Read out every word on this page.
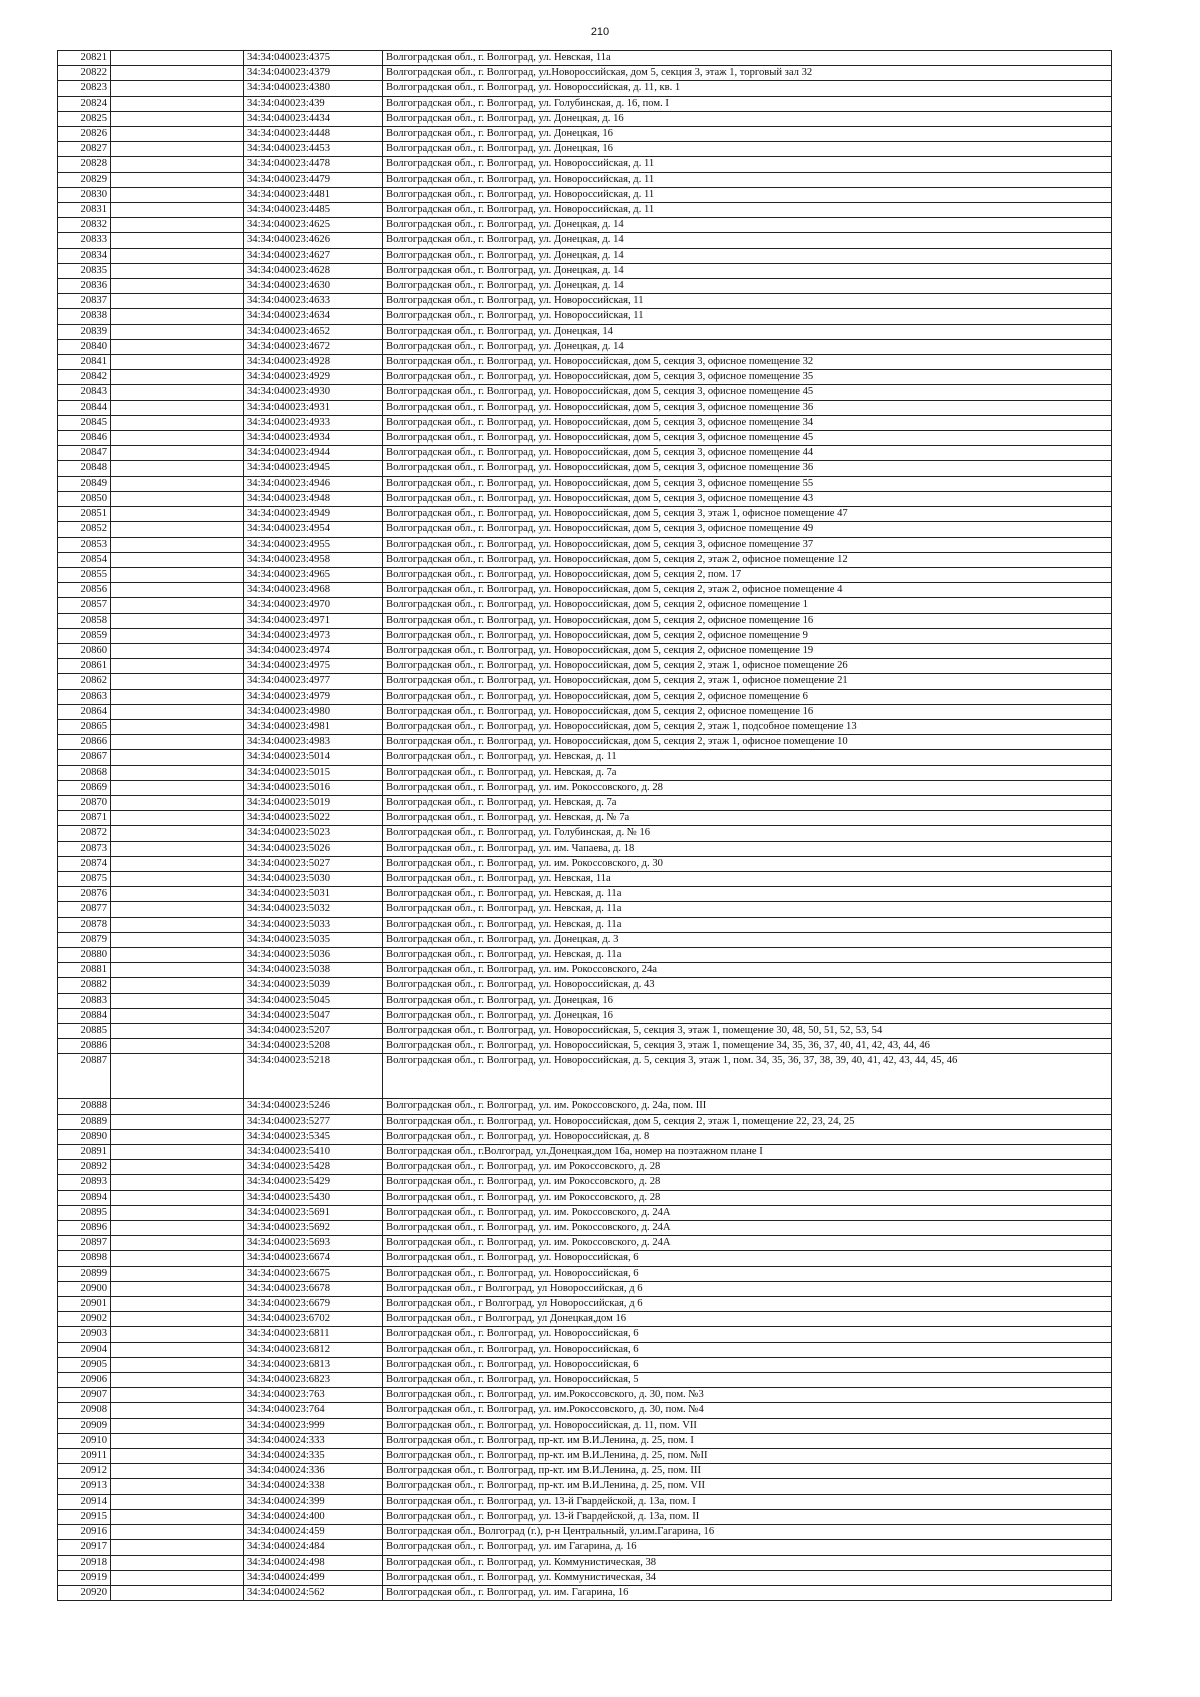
210
20821		34:34:040023:4375	Волгоградская обл., г. Волгоград, ул. Невская, 11а
20822		34:34:040023:4379	Волгоградская обл., г. Волгоград, ул.Новороссийская, дом 5, секция 3, этаж 1, торговый зал 32
20823		34:34:040023:4380	Волгоградская обл., г. Волгоград, ул. Новороссийская, д. 11, кв. 1
20824		34:34:040023:439	Волгоградская обл., г. Волгоград, ул. Голубинская, д. 16, пом. I
20825		34:34:040023:4434	Волгоградская обл., г. Волгоград, ул. Донецкая, д. 16
20826		34:34:040023:4448	Волгоградская обл., г. Волгоград, ул. Донецкая, 16
20827		34:34:040023:4453	Волгоградская обл., г. Волгоград, ул. Донецкая, 16
20828		34:34:040023:4478	Волгоградская обл., г. Волгоград, ул. Новороссийская, д. 11
20829		34:34:040023:4479	Волгоградская обл., г. Волгоград, ул. Новороссийская, д. 11
20830		34:34:040023:4481	Волгоградская обл., г. Волгоград, ул. Новороссийская, д. 11
20831		34:34:040023:4485	Волгоградская обл., г. Волгоград, ул. Новороссийская, д. 11
20832		34:34:040023:4625	Волгоградская обл., г. Волгоград, ул. Донецкая, д. 14
20833		34:34:040023:4626	Волгоградская обл., г. Волгоград, ул. Донецкая, д. 14
20834		34:34:040023:4627	Волгоградская обл., г. Волгоград, ул. Донецкая, д. 14
20835		34:34:040023:4628	Волгоградская обл., г. Волгоград, ул. Донецкая, д. 14
20836		34:34:040023:4630	Волгоградская обл., г. Волгоград, ул. Донецкая, д. 14
20837		34:34:040023:4633	Волгоградская обл., г. Волгоград, ул. Новороссийская, 11
20838		34:34:040023:4634	Волгоградская обл., г. Волгоград, ул. Новороссийская, 11
20839		34:34:040023:4652	Волгоградская обл., г. Волгоград, ул. Донецкая, 14
20840		34:34:040023:4672	Волгоградская обл., г. Волгоград, ул. Донецкая, д. 14
20841		34:34:040023:4928	Волгоградская обл., г. Волгоград, ул. Новороссийская, дом 5, секция 3, офисное помещение 32
20842		34:34:040023:4929	Волгоградская обл., г. Волгоград, ул. Новороссийская, дом 5, секция 3, офисное помещение 35
20843		34:34:040023:4930	Волгоградская обл., г. Волгоград, ул. Новороссийская, дом 5, секция 3, офисное помещение 45
20844		34:34:040023:4931	Волгоградская обл., г. Волгоград, ул. Новороссийская, дом 5, секция 3, офисное помещение 36
20845		34:34:040023:4933	Волгоградская обл., г. Волгоград, ул. Новороссийская, дом 5, секция 3, офисное помещение 34
20846		34:34:040023:4934	Волгоградская обл., г. Волгоград, ул. Новороссийская, дом 5, секция 3, офисное помещение 45
20847		34:34:040023:4944	Волгоградская обл., г. Волгоград, ул. Новороссийская, дом 5, секция 3, офисное помещение 44
20848		34:34:040023:4945	Волгоградская обл., г. Волгоград, ул. Новороссийская, дом 5, секция 3, офисное помещение 36
20849		34:34:040023:4946	Волгоградская обл., г. Волгоград, ул. Новороссийская, дом 5, секция 3, офисное помещение 55
20850		34:34:040023:4948	Волгоградская обл., г. Волгоград, ул. Новороссийская, дом 5, секция 3, офисное помещение 43
20851		34:34:040023:4949	Волгоградская обл., г. Волгоград, ул. Новороссийская, дом 5, секция 3, этаж 1, офисное помещение 47
20852		34:34:040023:4954	Волгоградская обл., г. Волгоград, ул. Новороссийская, дом 5, секция 3, офисное помещение 49
20853		34:34:040023:4955	Волгоградская обл., г. Волгоград, ул. Новороссийская, дом 5, секция 3, офисное помещение 37
20854		34:34:040023:4958	Волгоградская обл., г. Волгоград, ул. Новороссийская, дом 5, секция 2, этаж 2, офисное помещение 12
20855		34:34:040023:4965	Волгоградская обл., г. Волгоград, ул. Новороссийская, дом 5, секция 2, пом. 17
20856		34:34:040023:4968	Волгоградская обл., г. Волгоград, ул. Новороссийская, дом 5, секция 2, этаж 2, офисное помещение 4
20857		34:34:040023:4970	Волгоградская обл., г. Волгоград, ул. Новороссийская, дом 5, секция 2, офисное помещение 1
20858		34:34:040023:4971	Волгоградская обл., г. Волгоград, ул. Новороссийская, дом 5, секция 2, офисное помещение 16
20859		34:34:040023:4973	Волгоградская обл., г. Волгоград, ул. Новороссийская, дом 5, секция 2, офисное помещение 9
20860		34:34:040023:4974	Волгоградская обл., г. Волгоград, ул. Новороссийская, дом 5, секция 2, офисное помещение 19
20861		34:34:040023:4975	Волгоградская обл., г. Волгоград, ул. Новороссийская, дом 5, секция 2, этаж 1, офисное помещение 26
20862		34:34:040023:4977	Волгоградская обл., г. Волгоград, ул. Новороссийская, дом 5, секция 2, этаж 1, офисное помещение 21
20863		34:34:040023:4979	Волгоградская обл., г. Волгоград, ул. Новороссийская, дом 5, секция 2, офисное помещение 6
20864		34:34:040023:4980	Волгоградская обл., г. Волгоград, ул. Новороссийская, дом 5, секция 2, офисное помещение 16
20865		34:34:040023:4981	Волгоградская обл., г. Волгоград, ул. Новороссийская, дом 5, секция 2, этаж 1, подсобное помещение 13
20866		34:34:040023:4983	Волгоградская обл., г. Волгоград, ул. Новороссийская, дом 5, секция 2, этаж 1, офисное помещение 10
20867		34:34:040023:5014	Волгоградская обл., г. Волгоград, ул. Невская, д. 11
20868		34:34:040023:5015	Волгоградская обл., г. Волгоград, ул. Невская, д. 7а
20869		34:34:040023:5016	Волгоградская обл., г. Волгоград, ул. им. Рокоссовского, д. 28
20870		34:34:040023:5019	Волгоградская обл., г. Волгоград, ул. Невская, д. 7а
20871		34:34:040023:5022	Волгоградская обл., г. Волгоград, ул. Невская, д. № 7а
20872		34:34:040023:5023	Волгоградская обл., г. Волгоград, ул. Голубинская, д. № 16
20873		34:34:040023:5026	Волгоградская обл., г. Волгоград, ул. им. Чапаева, д. 18
20874		34:34:040023:5027	Волгоградская обл., г. Волгоград, ул. им. Рокоссовского, д. 30
20875		34:34:040023:5030	Волгоградская обл., г. Волгоград, ул. Невская, 11а
20876		34:34:040023:5031	Волгоградская обл., г. Волгоград, ул. Невская, д. 11а
20877		34:34:040023:5032	Волгоградская обл., г. Волгоград, ул. Невская, д. 11а
20878		34:34:040023:5033	Волгоградская обл., г. Волгоград, ул. Невская, д. 11а
20879		34:34:040023:5035	Волгоградская обл., г. Волгоград, ул. Донецкая, д. 3
20880		34:34:040023:5036	Волгоградская обл., г. Волгоград, ул. Невская, д. 11а
20881		34:34:040023:5038	Волгоградская обл., г. Волгоград, ул. им. Рокоссовского, 24а
20882		34:34:040023:5039	Волгоградская обл., г. Волгоград, ул. Новороссийская, д. 43
20883		34:34:040023:5045	Волгоградская обл., г. Волгоград, ул. Донецкая, 16
20884		34:34:040023:5047	Волгоградская обл., г. Волгоград, ул. Донецкая, 16
20885		34:34:040023:5207	Волгоградская обл., г. Волгоград, ул. Новороссийская, 5, секция 3, этаж 1, помещение 30, 48, 50, 51, 52, 53, 54
20886		34:34:040023:5208	Волгоградская обл., г. Волгоград, ул. Новороссийская, 5, секция 3, этаж 1, помещение 34, 35, 36, 37, 40, 41, 42, 43, 44, 46
20887		34:34:040023:5218	Волгоградская обл., г. Волгоград, ул. Новороссийская, д. 5, секция 3, этаж 1, пом. 34, 35, 36, 37, 38, 39, 40, 41, 42, 43, 44, 45, 46
20888		34:34:040023:5246	Волгоградская обл., г. Волгоград, ул. им. Рокоссовского, д. 24а, пом. III
20889		34:34:040023:5277	Волгоградская обл., г. Волгоград, ул. Новороссийская, дом 5, секция 2, этаж 1, помещение 22, 23, 24, 25
20890		34:34:040023:5345	Волгоградская обл., г. Волгоград, ул. Новороссийская, д. 8
20891		34:34:040023:5410	Волгоградская обл., г.Волгоград, ул.Донецкая,дом 16а, номер на поэтажном плане I
20892		34:34:040023:5428	Волгоградская обл., г. Волгоград, ул. им Рокоссовского, д. 28
20893		34:34:040023:5429	Волгоградская обл., г. Волгоград, ул. им Рокоссовского, д. 28
20894		34:34:040023:5430	Волгоградская обл., г. Волгоград, ул. им Рокоссовского, д. 28
20895		34:34:040023:5691	Волгоградская обл., г. Волгоград, ул. им. Рокоссовского, д. 24А
20896		34:34:040023:5692	Волгоградская обл., г. Волгоград, ул. им. Рокоссовского, д. 24А
20897		34:34:040023:5693	Волгоградская обл., г. Волгоград, ул. им. Рокоссовского, д. 24А
20898		34:34:040023:6674	Волгоградская обл., г. Волгоград, ул. Новороссийская, 6
20899		34:34:040023:6675	Волгоградская обл., г. Волгоград, ул. Новороссийская, 6
20900		34:34:040023:6678	Волгоградская обл., г Волгоград, ул Новороссийская, д 6
20901		34:34:040023:6679	Волгоградская обл., г Волгоград, ул Новороссийская, д 6
20902		34:34:040023:6702	Волгоградская обл., г Волгоград, ул Донецкая,дом 16
20903		34:34:040023:6811	Волгоградская обл., г. Волгоград, ул. Новороссийская, 6
20904		34:34:040023:6812	Волгоградская обл., г. Волгоград, ул. Новороссийская, 6
20905		34:34:040023:6813	Волгоградская обл., г. Волгоград, ул. Новороссийская, 6
20906		34:34:040023:6823	Волгоградская обл., г. Волгоград, ул. Новороссийская, 5
20907		34:34:040023:763	Волгоградская обл., г. Волгоград, ул. им.Рокоссовского, д. 30, пом. №3
20908		34:34:040023:764	Волгоградская обл., г. Волгоград, ул. им.Рокоссовского, д. 30, пом. №4
20909		34:34:040023:999	Волгоградская обл., г. Волгоград, ул. Новороссийская, д. 11, пом. VII
20910		34:34:040024:333	Волгоградская обл., г. Волгоград, пр-кт. им В.И.Ленина, д. 25, пом. I
20911		34:34:040024:335	Волгоградская обл., г. Волгоград, пр-кт. им В.И.Ленина, д. 25, пом. №II
20912		34:34:040024:336	Волгоградская обл., г. Волгоград, пр-кт. им В.И.Ленина, д. 25, пом. III
20913		34:34:040024:338	Волгоградская обл., г. Волгоград, пр-кт. им В.И.Ленина, д. 25, пом. VII
20914		34:34:040024:399	Волгоградская обл., г. Волгоград, ул. 13-й Гвардейской, д. 13а, пом. I
20915		34:34:040024:400	Волгоградская обл., г. Волгоград, ул. 13-й Гвардейской, д. 13а, пом. II
20916		34:34:040024:459	Волгоградская обл., Волгоград (г.), р-н Центральный, ул.им.Гагарина, 16
20917		34:34:040024:484	Волгоградская обл., г. Волгоград, ул. им Гагарина, д. 16
20918		34:34:040024:498	Волгоградская обл., г. Волгоград, ул. Коммунистическая, 38
20919		34:34:040024:499	Волгоградская обл., г. Волгоград, ул. Коммунистическая, 34
20920		34:34:040024:562	Волгоградская обл., г. Волгоград, ул. им. Гагарина, 16
